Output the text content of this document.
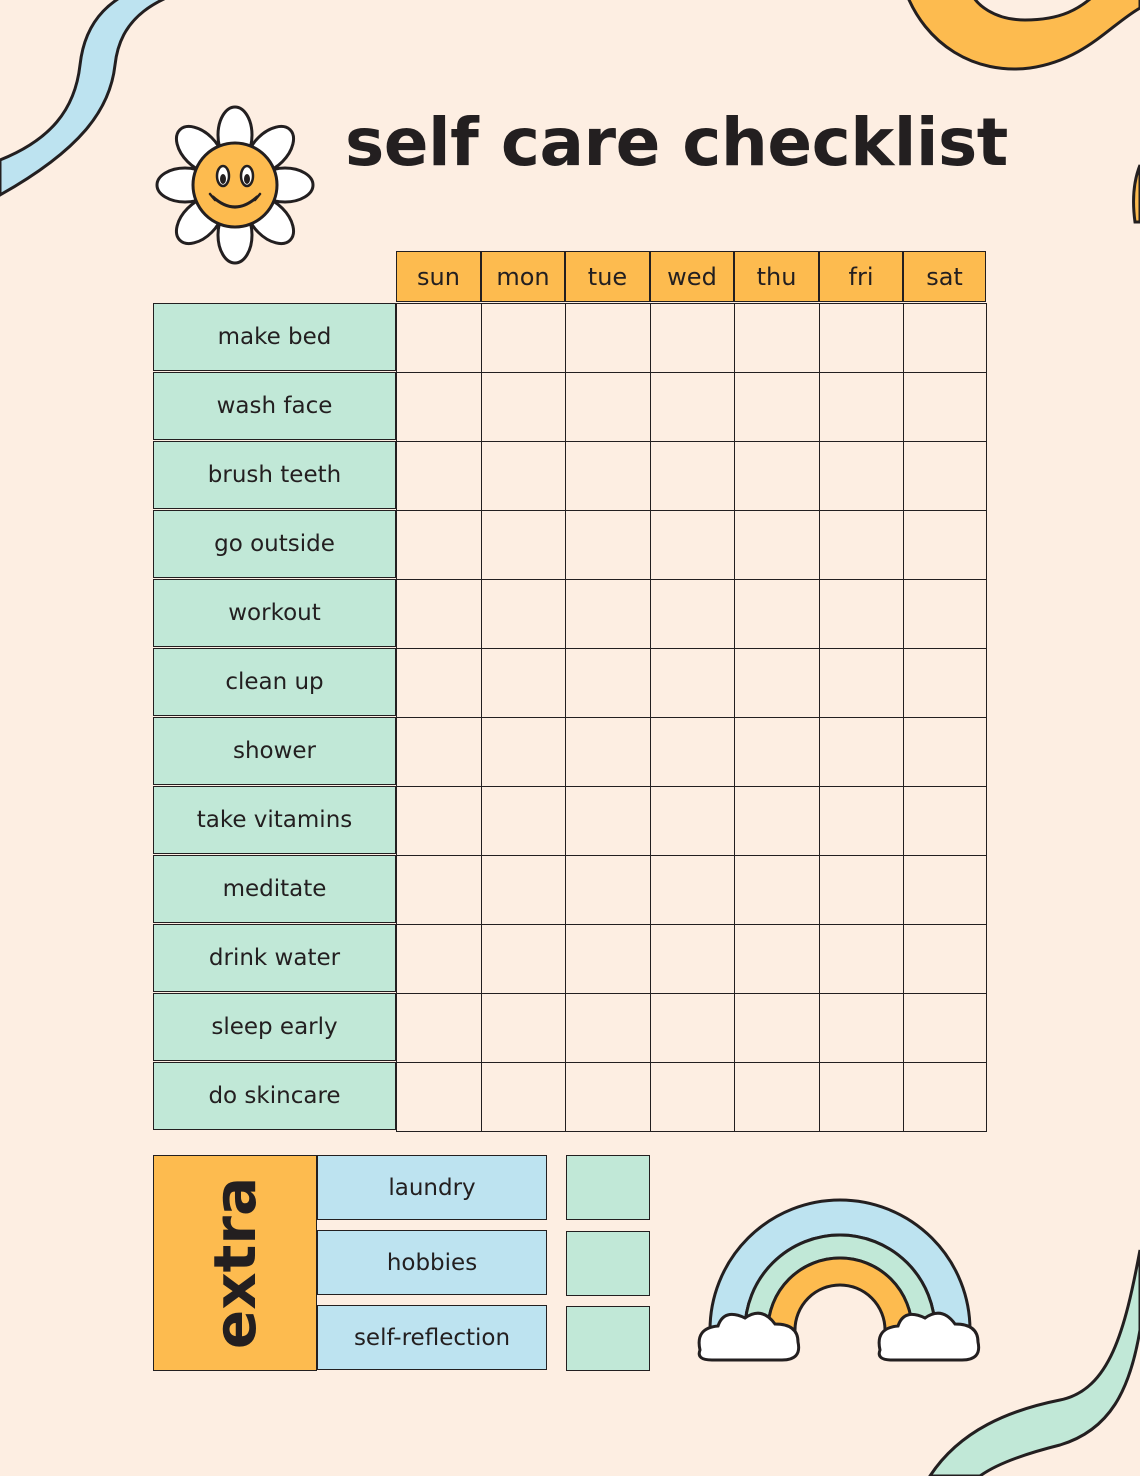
self care checklist
sun	mon	tue	wed	thu	fri	sat
make bed
wash face
brush teeth
go outside
workout
clean up
shower
take vitamins
meditate
drink water
sleep early
do skincare
extra	laundry
hobbies
self-reflection
